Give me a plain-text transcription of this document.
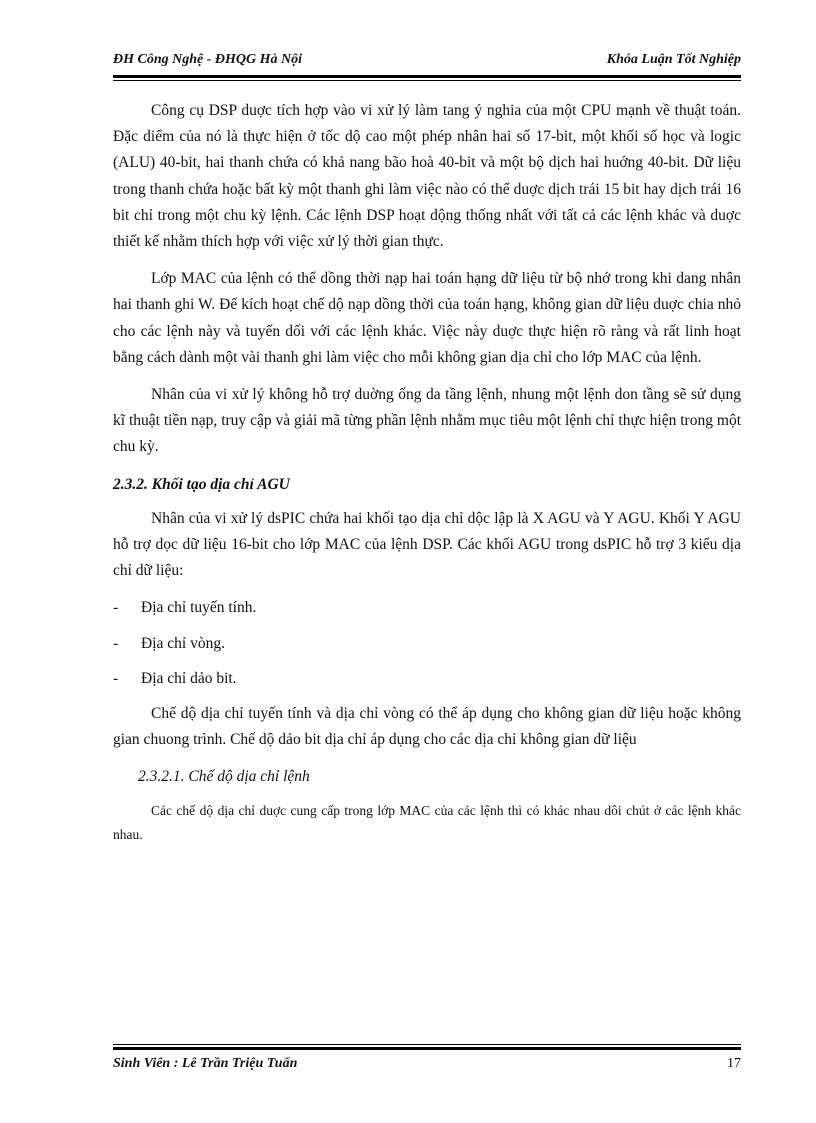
ĐH Công Nghệ - ĐHQG Hà Nội	Khóa Luận Tốt Nghiệp

Công cụ DSP duợc tích hợp vào vi xử lý làm tang ý nghia của một CPU mạnh về thuật toán. Đặc diểm của nó là thực hiện ở tốc dộ cao một phép nhân hai số 17-bit, một khối số học và logic (ALU) 40-bit, hai thanh chứa có khả nang bão hoà 40-bit và một bộ dịch hai huớng 40-bit. Dữ liệu trong thanh chứa hoặc bất kỳ một thanh ghi làm việc nào có thể duợc dịch trái 15 bit hay dịch trái 16 bit chỉ trong một chu kỳ lệnh. Các lệnh DSP hoạt dộng thống nhất với tất cả các lệnh khác và duợc thiết kế nhằm thích hợp với việc xử lý thời gian thực.

Lớp MAC của lệnh có thể dồng thời nạp hai toán hạng dữ liệu từ bộ nhớ trong khi dang nhân hai thanh ghi W. Để kích hoạt chế dộ nạp dồng thời của toán hạng, không gian dữ liệu duợc chia nhỏ cho các lệnh này và tuyến dối với các lệnh khác. Việc này duợc thực hiện rõ ràng và rất linh hoạt bằng cách dành một vài thanh ghi làm việc cho mỗi không gian dịa chỉ cho lớp MAC của lệnh.

Nhân của vi xử lý không hỗ trợ duờng ống da tầng lệnh, nhung một lệnh don tầng sẽ sử dụng kĩ thuật tiền nạp, truy cập và giải mã từng phần lệnh nhằm mục tiêu một lệnh chỉ thực hiện trong một chu kỳ.

2.3.2. Khối tạo dịa chỉ AGU

Nhân của vi xử lý dsPIC chứa hai khối tạo dịa chỉ dộc lập là X AGU và Y AGU. Khối Y AGU hỗ trợ dọc dữ liệu 16-bit cho lớp MAC của lệnh DSP. Các khối AGU trong dsPIC hỗ trợ 3 kiểu dịa chỉ dữ liệu:

- Địa chỉ tuyến tính.

- Địa chỉ vòng.

- Địa chỉ dảo bit.

Chế dộ dịa chỉ tuyến tính và dịa chỉ vòng có thể áp dụng cho không gian dữ liệu hoặc không gian chuong trình. Chế dộ dảo bit dịa chỉ áp dụng cho các dịa chỉ không gian dữ liệu

2.3.2.1. Chế dộ dịa chỉ lệnh

Các chế dộ dịa chỉ duợc cung cấp trong lớp MAC của các lệnh thì có khác nhau dôi chút ở các lệnh khác nhau.

Sinh Viên : Lê Trần Triệu Tuấn	17
